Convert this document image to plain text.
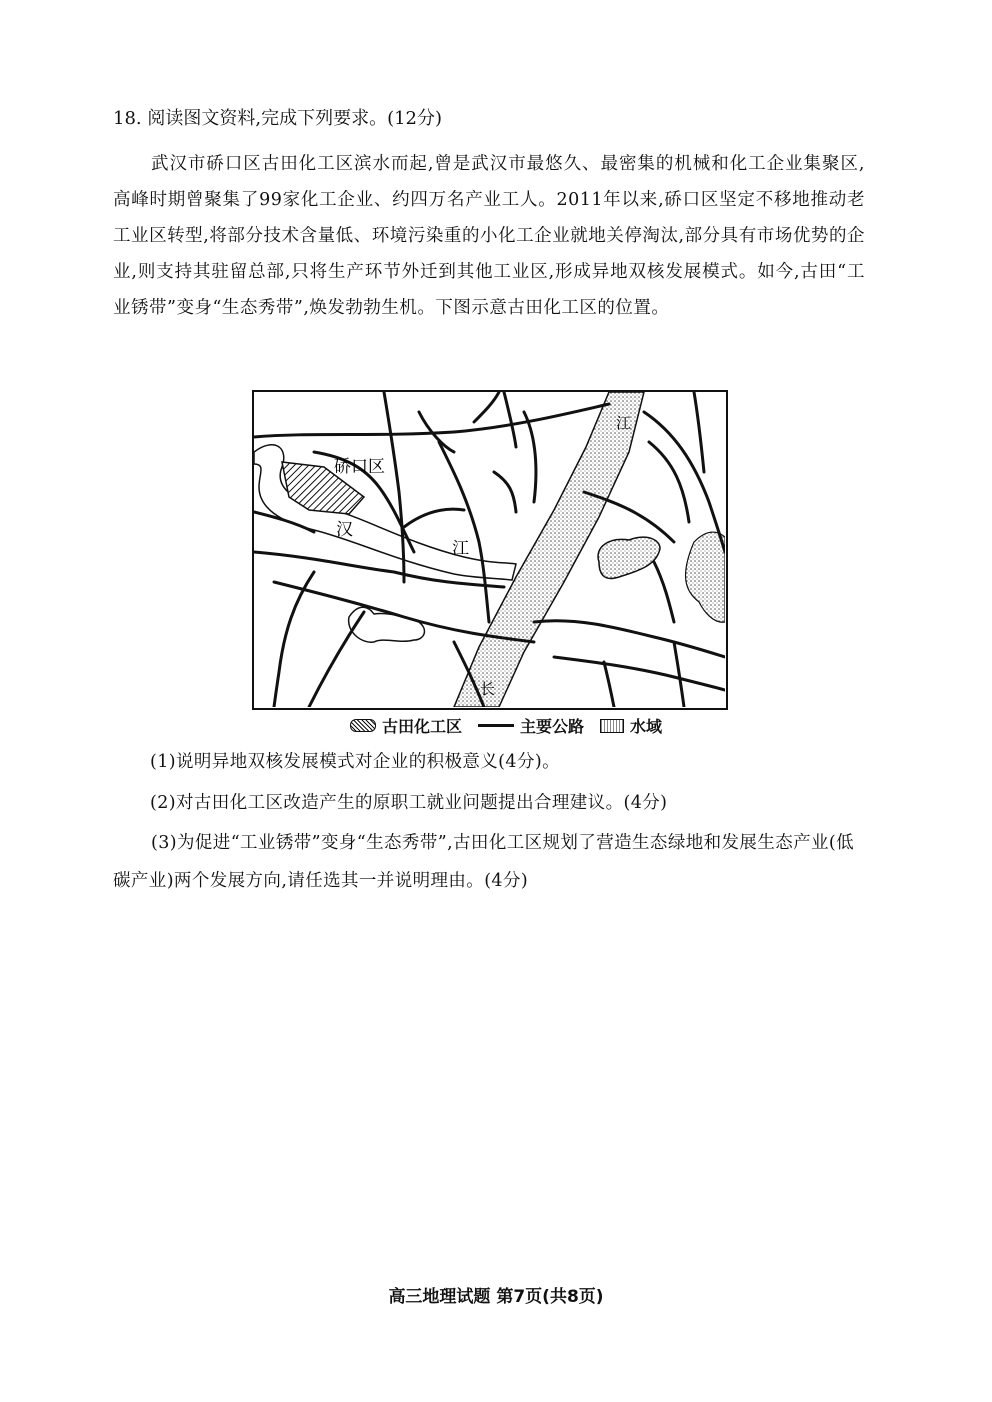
18. 阅读图文资料,完成下列要求。(12分)
武汉市硚口区古田化工区滨水而起,曾是武汉市最悠久、最密集的机械和化工企业集聚区,高峰时期曾聚集了99家化工企业、约四万名产业工人。2011年以来,硚口区坚定不移地推动老工业区转型,将部分技术含量低、环境污染重的小化工企业就地关停淘汰,部分具有市场优势的企业,则支持其驻留总部,只将生产环节外迁到其他工业区,形成异地双核发展模式。如今,古田“工业锈带”变身“生态秀带”,焕发勃勃生机。下图示意古田化工区的位置。
硚口区
汉
江
江
长
古田化工区	主要公路	水域
(1)说明异地双核发展模式对企业的积极意义(4分)。
(2)对古田化工区改造产生的原职工就业问题提出合理建议。(4分)
(3)为促进“工业锈带”变身“生态秀带”,古田化工区规划了营造生态绿地和发展生态产业(低碳产业)两个发展方向,请任选其一并说明理由。(4分)
高三地理试题 第7页(共8页)
